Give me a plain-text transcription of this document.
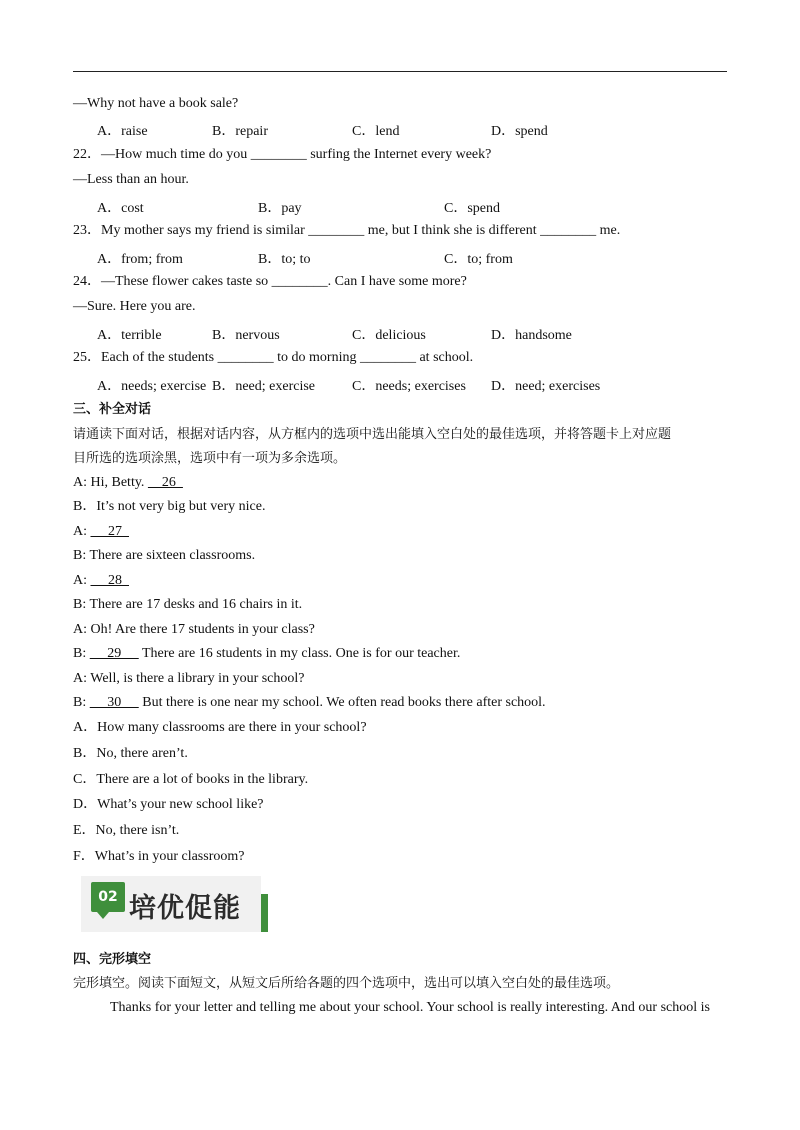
—Why not have a book sale?
A．raise	B．repair	C．lend	D．spend
22．—How much time do you ________ surfing the Internet every week?
—Less than an hour.
A．cost	B．pay	C．spend
23．My mother says my friend is similar ________ me, but I think she is different ________ me.
A．from; from	B．to; to	C．to; from
24．—These flower cakes taste so ________. Can I have some more?
—Sure. Here you are.
A．terrible	B．nervous	C．delicious	D．handsome
25．Each of the students ________ to do morning ________ at school.
A．needs; exercise B．need; exercise	C．needs; exercises D．need; exercises
三、补全对话
请通读下面对话，根据对话内容，从方框内的选项中选出能填入空白处的最佳选项，并将答题卡上对应题
目所选的选项涂黑，选项中有一项为多余选项。
A: Hi, Betty.     26
B．It’s not very big but very nice.
A:      27
B: There are sixteen classrooms.
A:      28
B: There are 17 desks and 16 chairs in it.
A: Oh! Are there 17 students in your class?
B:      29      There are 16 students in my class. One is for our teacher.
A: Well, is there a library in your school?
B:      30      But there is one near my school. We often read books there after school.
A．How many classrooms are there in your school?
B．No, there aren’t.
C．There are a lot of books in the library.
D．What’s your new school like?
E．No, there isn’t.
F．What’s in your classroom?
02 培优促能
四、完形填空
完形填空。阅读下面短文，从短文后所给各题的四个选项中，选出可以填入空白处的最佳选项。
Thanks for your letter and telling me about your school. Your school is really interesting. And our school is
